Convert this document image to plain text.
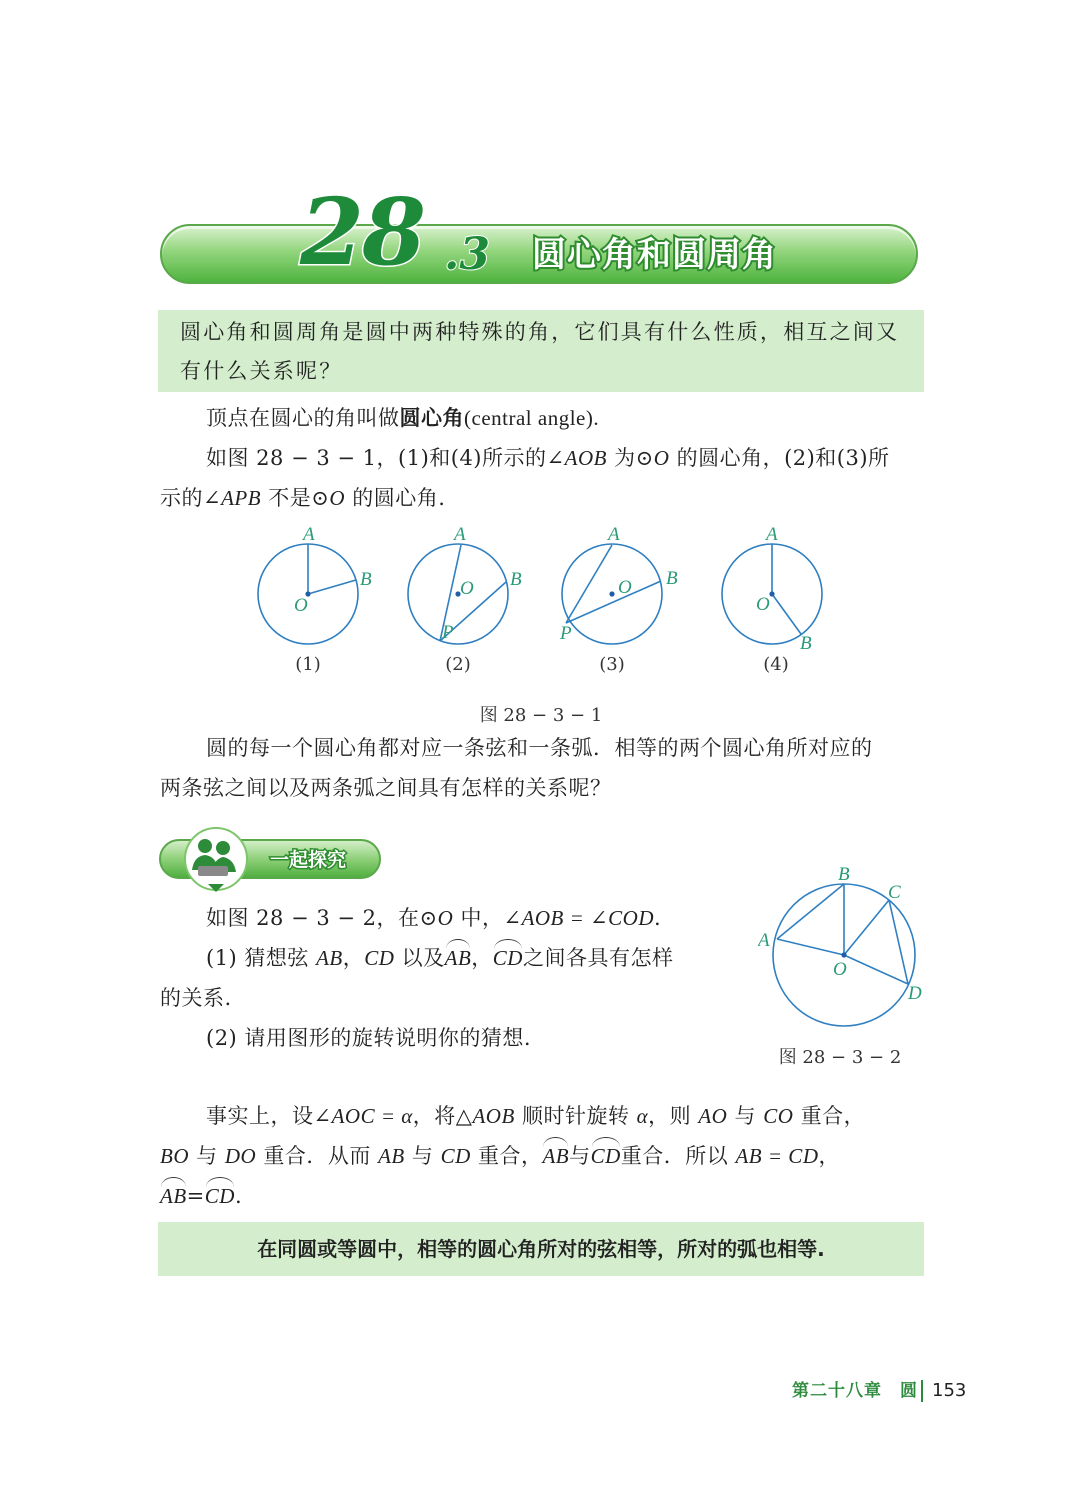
28 .3 圆心角和圆周角
圆心角和圆周角是圆中两种特殊的角，它们具有什么性质，相互之间又有什么关系呢？
顶点在圆心的角叫做圆心角(central angle).
如图 28 − 3 − 1，(1)和(4)所示的∠AOB 为⊙O 的圆心角，(2)和(3)所
示的∠APB 不是⊙O 的圆心角.
A
B
O
A
B
O
P
A
B
O
P
A
B
O
(1)	(2)	(3)	(4)
图 28 − 3 − 1
圆的每一个圆心角都对应一条弦和一条弧．相等的两个圆心角所对应的
两条弦之间以及两条弧之间具有怎样的关系呢？
一起探究
如图 28 − 3 − 2，在⊙O 中，∠AOB = ∠COD.
(1) 猜想弦 AB，CD 以及AB，CD之间各具有怎样
的关系.
(2) 请用图形的旋转说明你的猜想.
A
B
C
D
O
图 28 − 3 − 2
事实上，设∠AOC = α，将△AOB 顺时针旋转 α，则 AO 与 CO 重合，
BO 与 DO 重合．从而 AB 与 CD 重合，AB与CD重合．所以 AB = CD，
AB=CD.
在同圆或等圆中，相等的圆心角所对的弦相等，所对的弧也相等.
第二十八章　圆 153
